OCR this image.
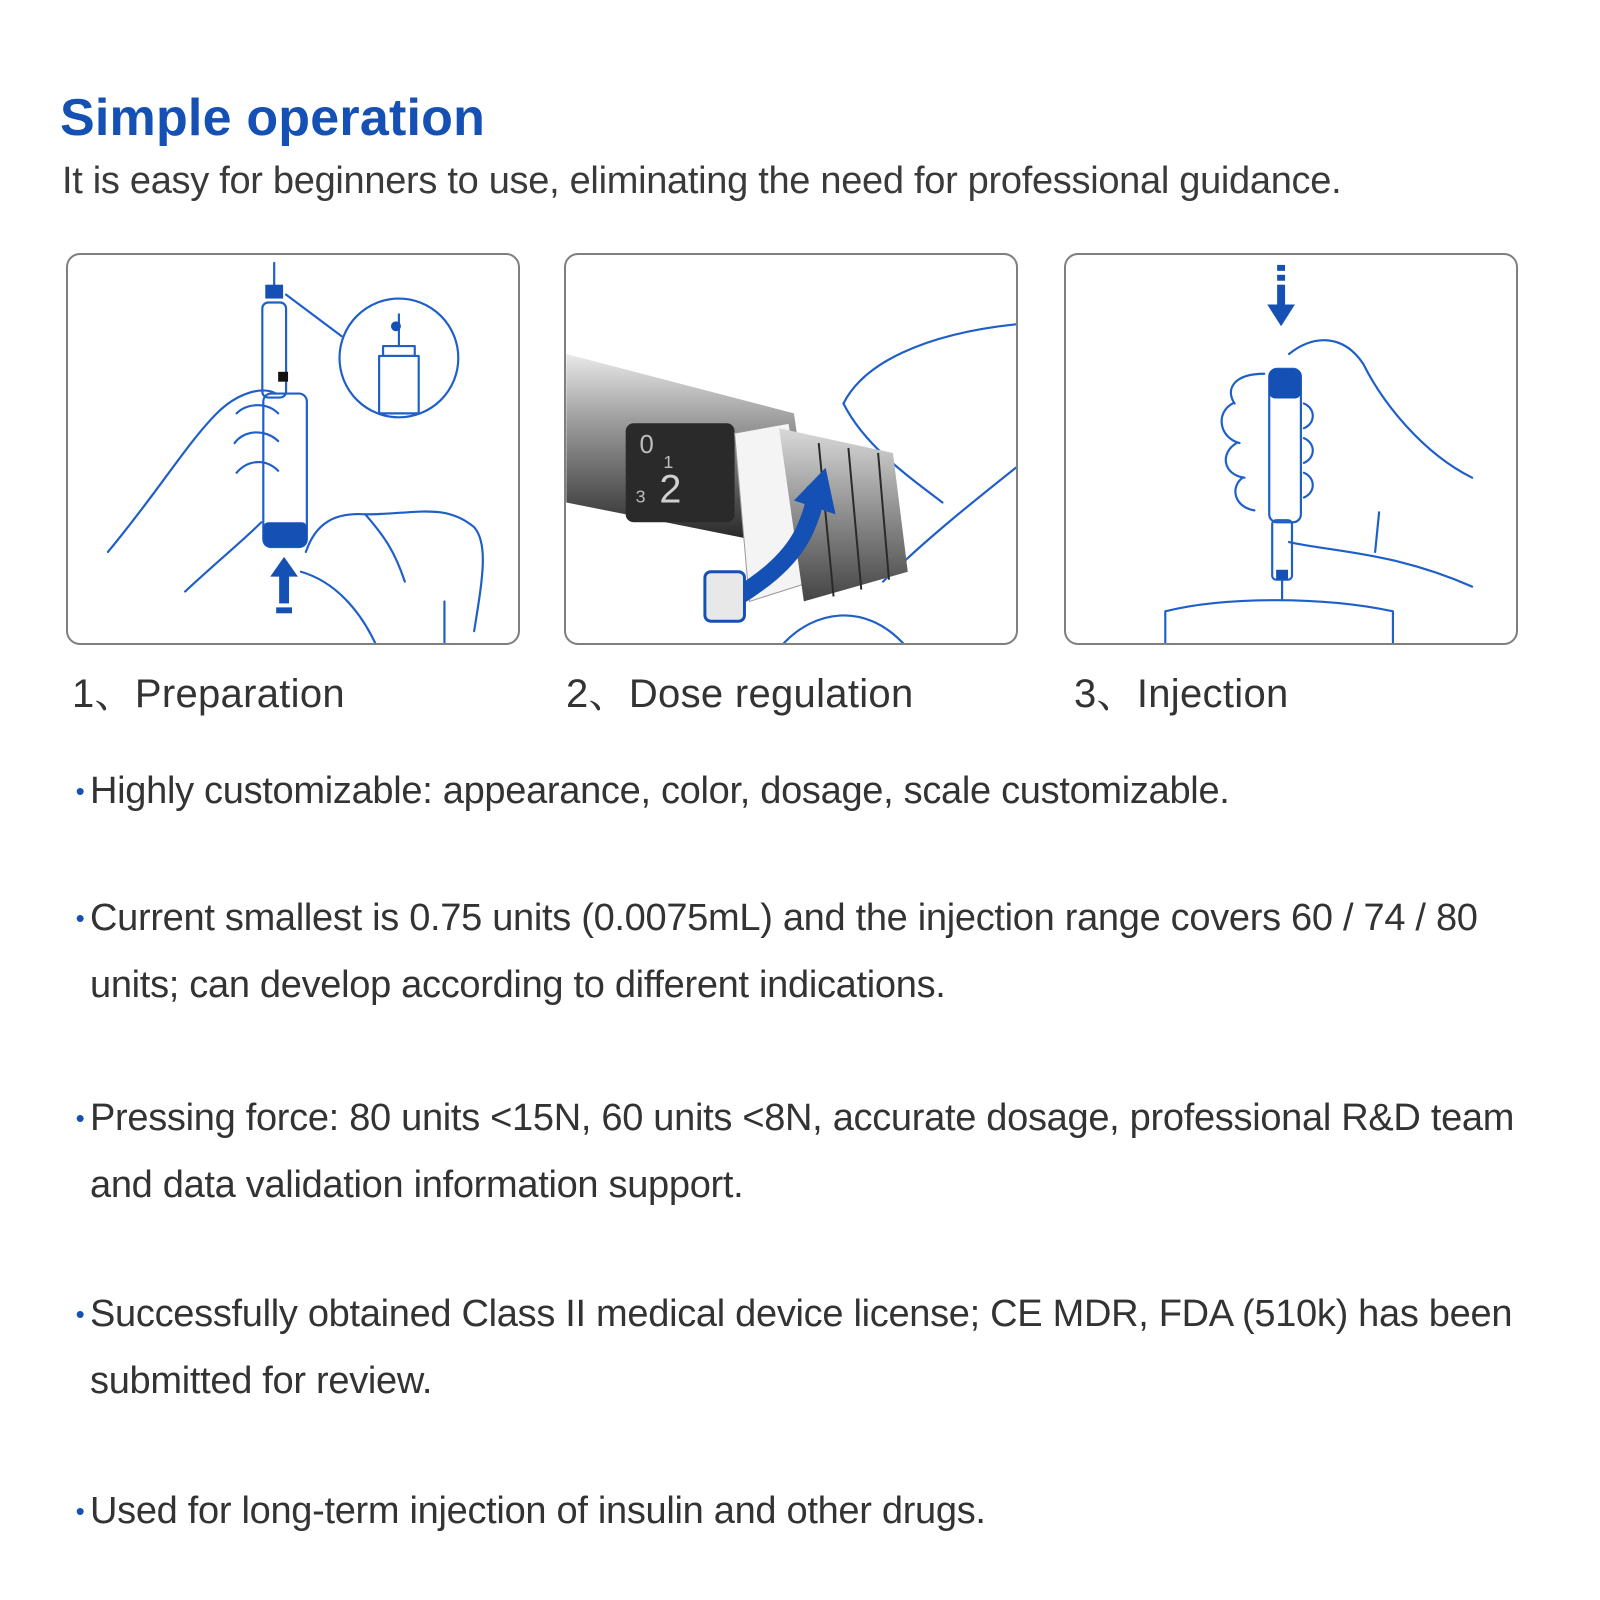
Simple operation

It is easy for beginners to use, eliminating the need for professional guidance.

0
1
2
3
1、Preparation	2、Dose regulation	3、Injection
• Highly customizable: appearance, color, dosage, scale customizable.
• Current smallest is 0.75 units (0.0075mL) and the injection range covers 60 / 74 / 80 units; can develop according to different indications.
• Pressing force: 80 units <15N, 60 units <8N, accurate dosage, professional R&D team and data validation information support.
• Successfully obtained Class II medical device license; CE MDR, FDA (510k) has been submitted for review.
• Used for long-term injection of insulin and other drugs.
